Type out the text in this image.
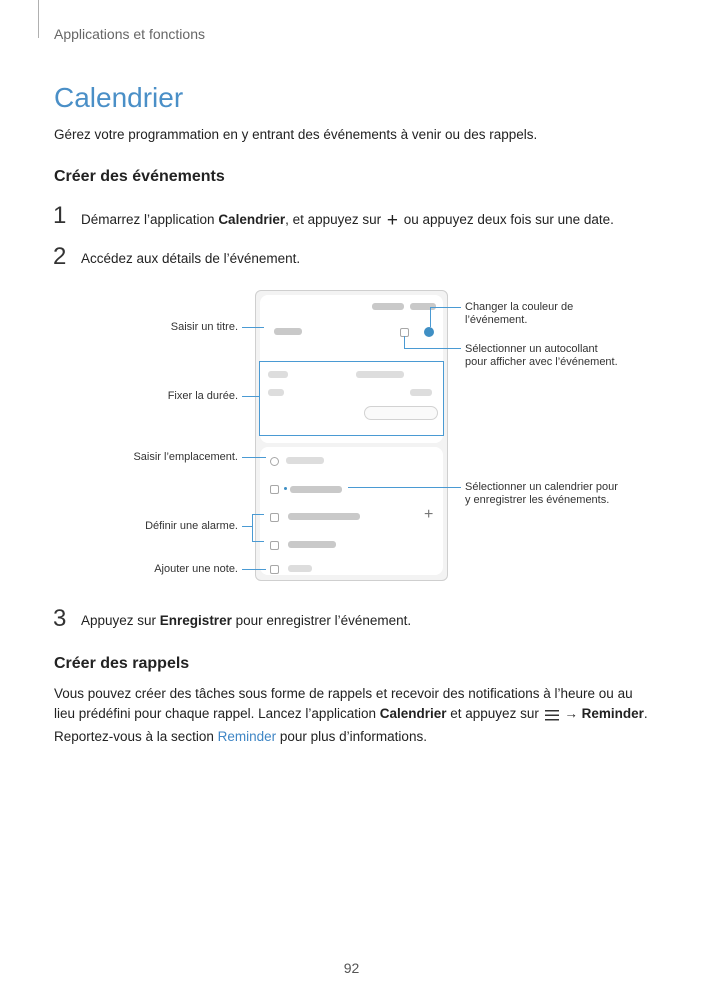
Applications et fonctions
Calendrier
Gérez votre programmation en y entrant des événements à venir ou des rappels.
Créer des événements
1 Démarrez l’application Calendrier, et appuyez sur + ou appuyez deux fois sur une date.
2 Accédez aux détails de l’événement.
+
Saisir un titre.
Fixer la durée.
Saisir l’emplacement.
Définir une alarme.
Ajouter une note.
Changer la couleur de
l’événement.
Sélectionner un autocollant
pour afficher avec l’événement.
Sélectionner un calendrier pour
y enregistrer les événements.
3 Appuyez sur Enregistrer pour enregistrer l’événement.
Créer des rappels
Vous pouvez créer des tâches sous forme de rappels et recevoir des notifications à l’heure ou au
lieu prédéfini pour chaque rappel. Lancez l’application Calendrier et appuyez sur  → Reminder.
Reportez-vous à la section Reminder pour plus d’informations.
92
